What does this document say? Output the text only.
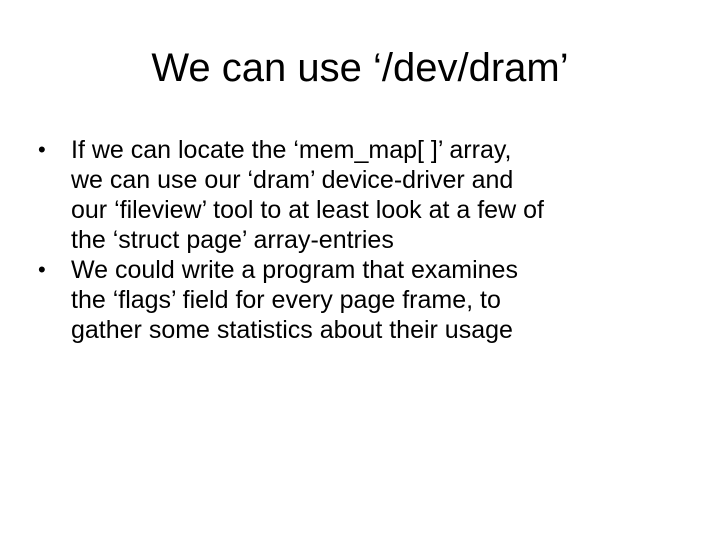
We can use ‘/dev/dram’
• If we can locate the ‘mem_map[ ]’ array,
we can use our ‘dram’ device-driver and
our ‘fileview’ tool to at least look at a few of
the ‘struct page’ array-entries
• We could write a program that examines
the ‘flags’ field for every page frame, to
gather some statistics about their usage
